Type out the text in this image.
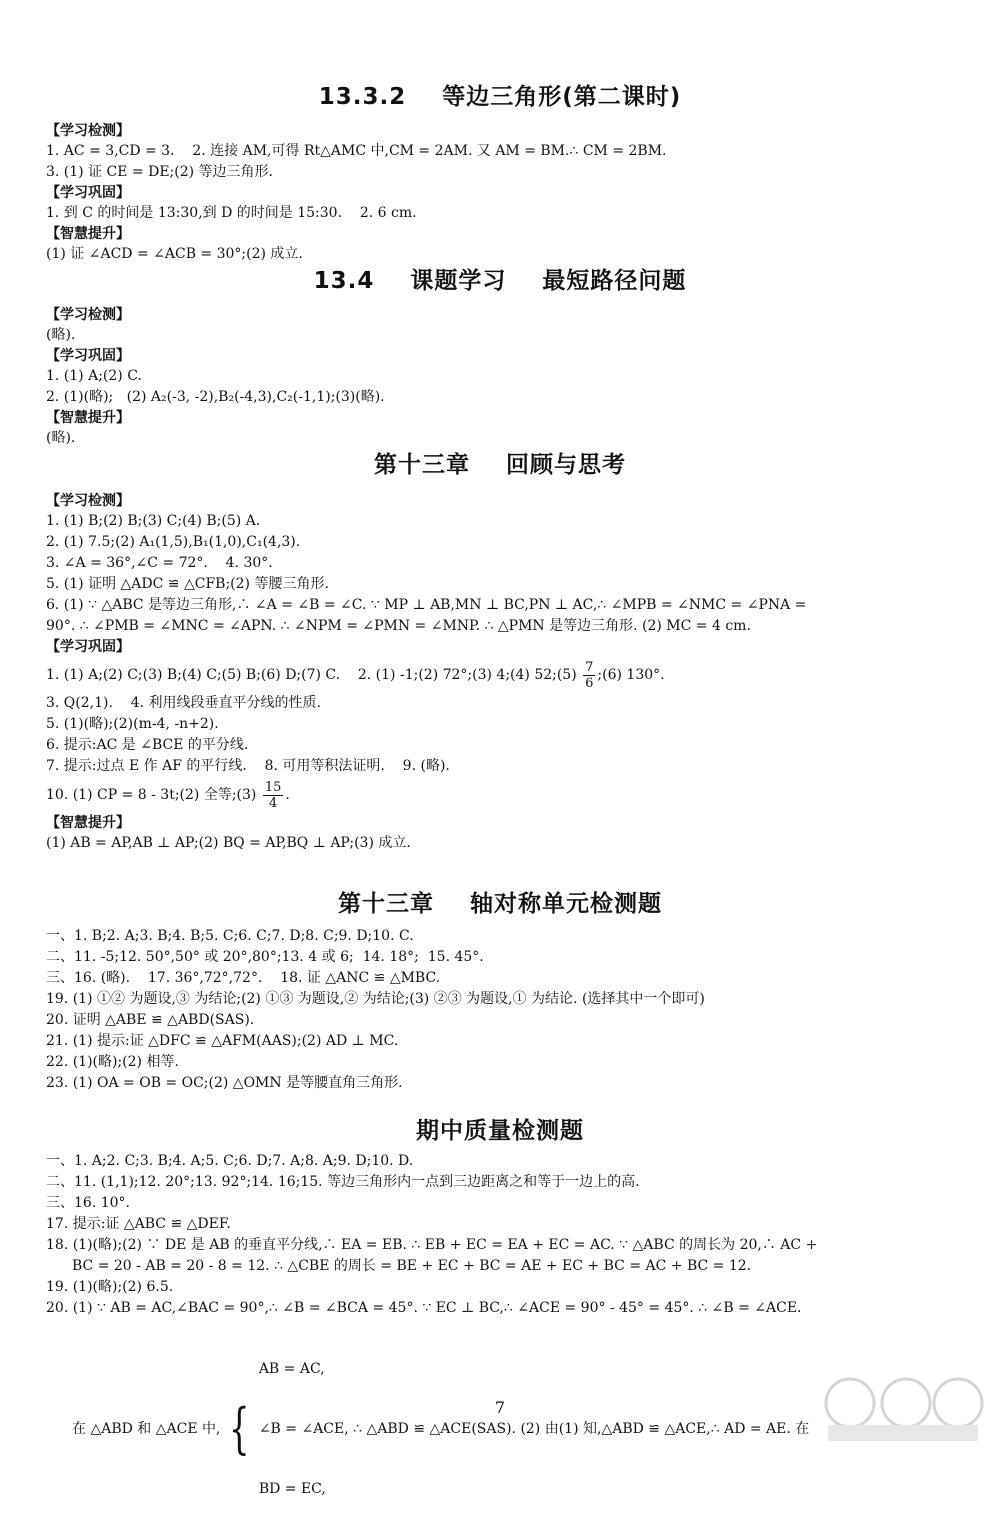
13.3.2    等边三角形(第二课时)
【学习检测】
1. AC = 3,CD = 3.    2. 连接 AM,可得 Rt△AMC 中,CM = 2AM. 又 AM = BM.∴ CM = 2BM.
3. (1) 证 CE = DE;(2) 等边三角形.
【学习巩固】
1. 到 C 的时间是 13:30,到 D 的时间是 15:30.    2. 6 cm.
【智慧提升】
(1) 证 ∠ACD = ∠ACB = 30°;(2) 成立.
13.4    课题学习    最短路径问题
【学习检测】
(略).
【学习巩固】
1. (1) A;(2) C.
2. (1)(略);   (2) A₂(-3, -2),B₂(-4,3),C₂(-1,1);(3)(略).
【智慧提升】
(略).
第十三章    回顾与思考
【学习检测】
1. (1) B;(2) B;(3) C;(4) B;(5) A.
2. (1) 7.5;(2) A₁(1,5),B₁(1,0),C₁(4,3).
3. ∠A = 36°,∠C = 72°.    4. 30°.
5. (1) 证明 △ADC ≌ △CFB;(2) 等腰三角形.
6. (1) ∵ △ABC 是等边三角形,∴ ∠A = ∠B = ∠C. ∵ MP ⊥ AB,MN ⊥ BC,PN ⊥ AC,∴ ∠MPB = ∠NMC = ∠PNA =
90°. ∴ ∠PMB = ∠MNC = ∠APN. ∴ ∠NPM = ∠PMN = ∠MNP. ∴ △PMN 是等边三角形. (2) MC = 4 cm.
【学习巩固】
1. (1) A;(2) C;(3) B;(4) C;(5) B;(6) D;(7) C.    2. (1) -1;(2) 72°;(3) 4;(4) 52;(5) $\frac{7}{6}$ ;(6) 130°.
3. Q(2,1).    4. 利用线段垂直平分线的性质.
5. (1)(略);(2)(m-4, -n+2).
6. 提示:AC 是 ∠BCE 的平分线.
7. 提示:过点 E 作 AF 的平行线.    8. 可用等积法证明.    9. (略).
10. (1) CP = 8 - 3t;(2) 全等;(3) $\frac{15}{4}$ .
【智慧提升】
(1) AB = AP,AB ⊥ AP;(2) BQ = AP,BQ ⊥ AP;(3) 成立.
第十三章    轴对称单元检测题
一、1. B;2. A;3. B;4. B;5. C;6. C;7. D;8. C;9. D;10. C.
二、11. -5;12. 50°,50° 或 20°,80°;13. 4 或 6;  14. 18°;  15. 45°.
三、16. (略).    17. 36°,72°,72°.    18. 证 △ANC ≌ △MBC.
19. (1) ①② 为题设,③ 为结论;(2) ①③ 为题设,② 为结论;(3) ②③ 为题设,① 为结论. (选择其中一个即可)
20. 证明 △ABE ≌ △ABD(SAS).
21. (1) 提示:证 △DFC ≌ △AFM(AAS);(2) AD ⊥ MC.
22. (1)(略);(2) 相等.
23. (1) OA = OB = OC;(2) △OMN 是等腰直角三角形.
期中质量检测题
一、1. A;2. C;3. B;4. A;5. C;6. D;7. A;8. A;9. D;10. D.
二、11. (1,1);12. 20°;13. 92°;14. 16;15. 等边三角形内一点到三边距离之和等于一边上的高.
三、16. 10°.
17. 提示:证 △ABC ≌ △DEF.
18. (1)(略);(2) ∵ DE 是 AB 的垂直平分线,∴ EA = EB. ∴ EB + EC = EA + EC = AC. ∵ △ABC 的周长为 20,∴ AC +
BC = 20 - AB = 20 - 8 = 12. ∴ △CBE 的周长 = BE + EC + BC = AE + EC + BC = AC + BC = 12.
19. (1)(略);(2) 6.5.
20. (1) ∵ AB = AC,∠BAC = 90°,∴ ∠B = ∠BCA = 45°. ∵ EC ⊥ BC,∴ ∠ACE = 90° - 45° = 45°. ∴ ∠B = ∠ACE.
在 △ABD 和 △ACE 中, {

AB = AC,

∠B = ∠ACE, ∴ △ABD ≌ △ACE(SAS). (2) 由(1) 知,△ABD ≌ △ACE,∴ AD = AE. 在

BD = EC,

7
